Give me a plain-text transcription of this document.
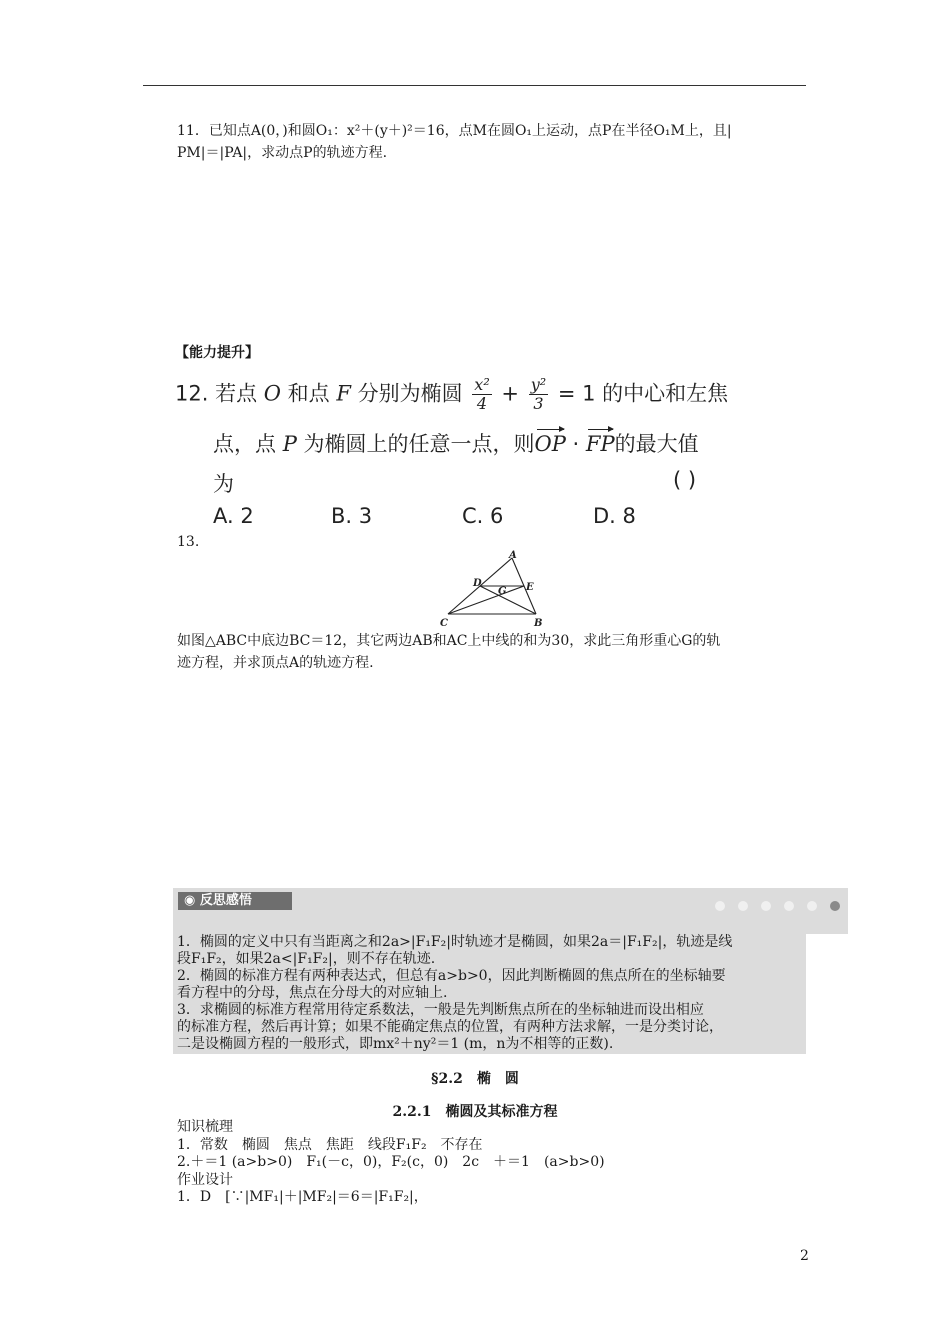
11．已知点A(0，)和圆O₁：x²＋(y＋)²＝16，点M在圆O₁上运动，点P在半径O₁M上，且|
PM|＝|PA|，求动点P的轨迹方程.
【能力提升】
12. 若点 O 和点 F 分别为椭圆 $\frac{\text{x²}}{4} + \frac{\text{y²}}{3} = 1$ 的中心和左焦
点，点 P 为椭圆上的任意一点，则OP · FP的最大值
为	( )
A. 2	B. 3	C. 6	D. 8
13.
A
D	E
G
C	B
如图△ABC中底边BC＝12，其它两边AB和AC上中线的和为30，求此三角形重心G的轨
迹方程，并求顶点A的轨迹方程.
◉ 反思感悟

1．椭圆的定义中只有当距离之和2a>|F₁F₂|时轨迹才是椭圆，如果2a＝|F₁F₂|，轨迹是线

段F₁F₂，如果2a<|F₁F₂|，则不存在轨迹.

2．椭圆的标准方程有两种表达式，但总有a>b>0，因此判断椭圆的焦点所在的坐标轴要

看方程中的分母，焦点在分母大的对应轴上.

3．求椭圆的标准方程常用待定系数法，一般是先判断焦点所在的坐标轴进而设出相应

的标准方程，然后再计算；如果不能确定焦点的位置，有两种方法求解，一是分类讨论，

二是设椭圆方程的一般形式，即mx²＋ny²＝1 (m，n为不相等的正数).

§2.2　椭　圆
2.2.1　椭圆及其标准方程

知识梳理

1．常数　椭圆　焦点　焦距　线段F₁F₂　不存在

2.＋＝1 (a>b>0)　F₁(－c，0)，F₂(c，0)　2c　＋＝1　(a>b>0)

作业设计

1．D　[∵|MF₁|＋|MF₂|＝6＝|F₁F₂|，

2
